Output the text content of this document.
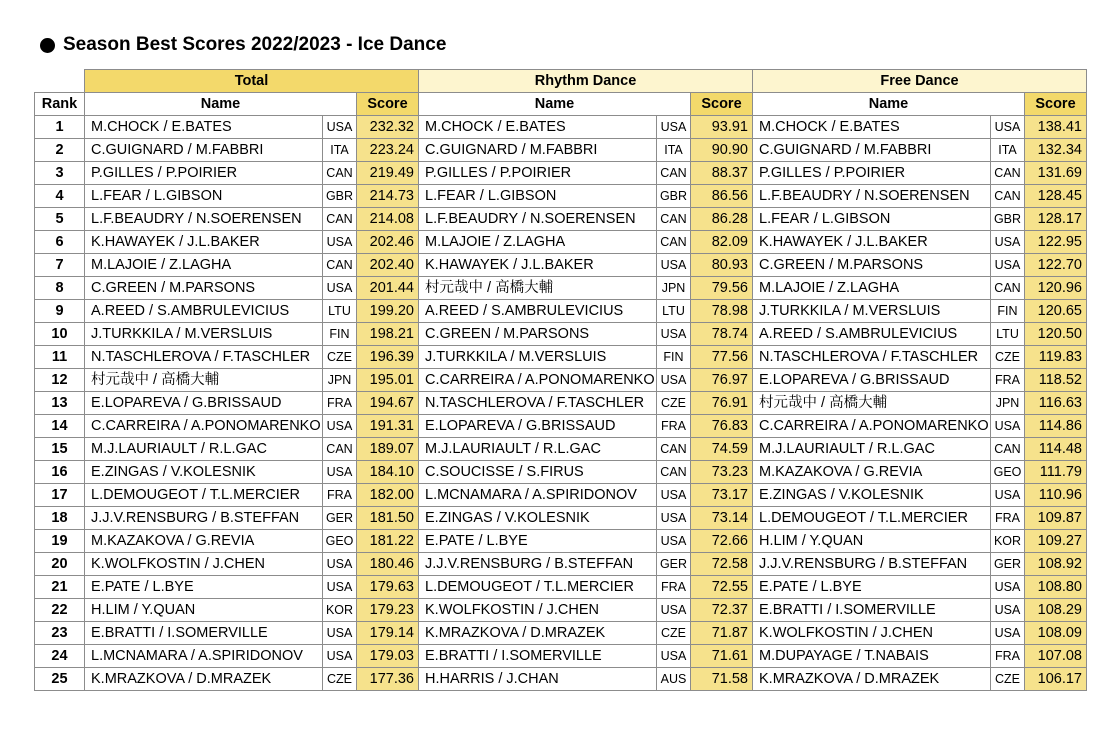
Season Best Scores 2022/2023 - Ice Dance
	Total			Rhythm Dance			Free Dance		
Rank	Name		Score	Name		Score	Name		Score
1	M.CHOCK / E.BATES	USA	232.32	M.CHOCK / E.BATES	USA	93.91	M.CHOCK / E.BATES	USA	138.41
2	C.GUIGNARD / M.FABBRI	ITA	223.24	C.GUIGNARD / M.FABBRI	ITA	90.90	C.GUIGNARD / M.FABBRI	ITA	132.34
3	P.GILLES / P.POIRIER	CAN	219.49	P.GILLES / P.POIRIER	CAN	88.37	P.GILLES / P.POIRIER	CAN	131.69
4	L.FEAR / L.GIBSON	GBR	214.73	L.FEAR / L.GIBSON	GBR	86.56	L.F.BEAUDRY / N.SOERENSEN	CAN	128.45
5	L.F.BEAUDRY / N.SOERENSEN	CAN	214.08	L.F.BEAUDRY / N.SOERENSEN	CAN	86.28	L.FEAR / L.GIBSON	GBR	128.17
6	K.HAWAYEK / J.L.BAKER	USA	202.46	M.LAJOIE / Z.LAGHA	CAN	82.09	K.HAWAYEK / J.L.BAKER	USA	122.95
7	M.LAJOIE / Z.LAGHA	CAN	202.40	K.HAWAYEK / J.L.BAKER	USA	80.93	C.GREEN / M.PARSONS	USA	122.70
8	C.GREEN / M.PARSONS	USA	201.44	村元哉中 / 高橋大輔	JPN	79.56	M.LAJOIE / Z.LAGHA	CAN	120.96
9	A.REED / S.AMBRULEVICIUS	LTU	199.20	A.REED / S.AMBRULEVICIUS	LTU	78.98	J.TURKKILA / M.VERSLUIS	FIN	120.65
10	J.TURKKILA / M.VERSLUIS	FIN	198.21	C.GREEN / M.PARSONS	USA	78.74	A.REED / S.AMBRULEVICIUS	LTU	120.50
11	N.TASCHLEROVA / F.TASCHLER	CZE	196.39	J.TURKKILA / M.VERSLUIS	FIN	77.56	N.TASCHLEROVA / F.TASCHLER	CZE	119.83
12	村元哉中 / 高橋大輔	JPN	195.01	C.CARREIRA / A.PONOMARENKO	USA	76.97	E.LOPAREVA / G.BRISSAUD	FRA	118.52
13	E.LOPAREVA / G.BRISSAUD	FRA	194.67	N.TASCHLEROVA / F.TASCHLER	CZE	76.91	村元哉中 / 高橋大輔	JPN	116.63
14	C.CARREIRA / A.PONOMARENKO	USA	191.31	E.LOPAREVA / G.BRISSAUD	FRA	76.83	C.CARREIRA / A.PONOMARENKO	USA	114.86
15	M.J.LAURIAULT / R.L.GAC	CAN	189.07	M.J.LAURIAULT / R.L.GAC	CAN	74.59	M.J.LAURIAULT / R.L.GAC	CAN	114.48
16	E.ZINGAS / V.KOLESNIK	USA	184.10	C.SOUCISSE / S.FIRUS	CAN	73.23	M.KAZAKOVA / G.REVIA	GEO	111.79
17	L.DEMOUGEOT / T.L.MERCIER	FRA	182.00	L.MCNAMARA / A.SPIRIDONOV	USA	73.17	E.ZINGAS / V.KOLESNIK	USA	110.96
18	J.J.V.RENSBURG / B.STEFFAN	GER	181.50	E.ZINGAS / V.KOLESNIK	USA	73.14	L.DEMOUGEOT / T.L.MERCIER	FRA	109.87
19	M.KAZAKOVA / G.REVIA	GEO	181.22	E.PATE / L.BYE	USA	72.66	H.LIM / Y.QUAN	KOR	109.27
20	K.WOLFKOSTIN / J.CHEN	USA	180.46	J.J.V.RENSBURG / B.STEFFAN	GER	72.58	J.J.V.RENSBURG / B.STEFFAN	GER	108.92
21	E.PATE / L.BYE	USA	179.63	L.DEMOUGEOT / T.L.MERCIER	FRA	72.55	E.PATE / L.BYE	USA	108.80
22	H.LIM / Y.QUAN	KOR	179.23	K.WOLFKOSTIN / J.CHEN	USA	72.37	E.BRATTI / I.SOMERVILLE	USA	108.29
23	E.BRATTI / I.SOMERVILLE	USA	179.14	K.MRAZKOVA / D.MRAZEK	CZE	71.87	K.WOLFKOSTIN / J.CHEN	USA	108.09
24	L.MCNAMARA / A.SPIRIDONOV	USA	179.03	E.BRATTI / I.SOMERVILLE	USA	71.61	M.DUPAYAGE / T.NABAIS	FRA	107.08
25	K.MRAZKOVA / D.MRAZEK	CZE	177.36	H.HARRIS / J.CHAN	AUS	71.58	K.MRAZKOVA / D.MRAZEK	CZE	106.17
